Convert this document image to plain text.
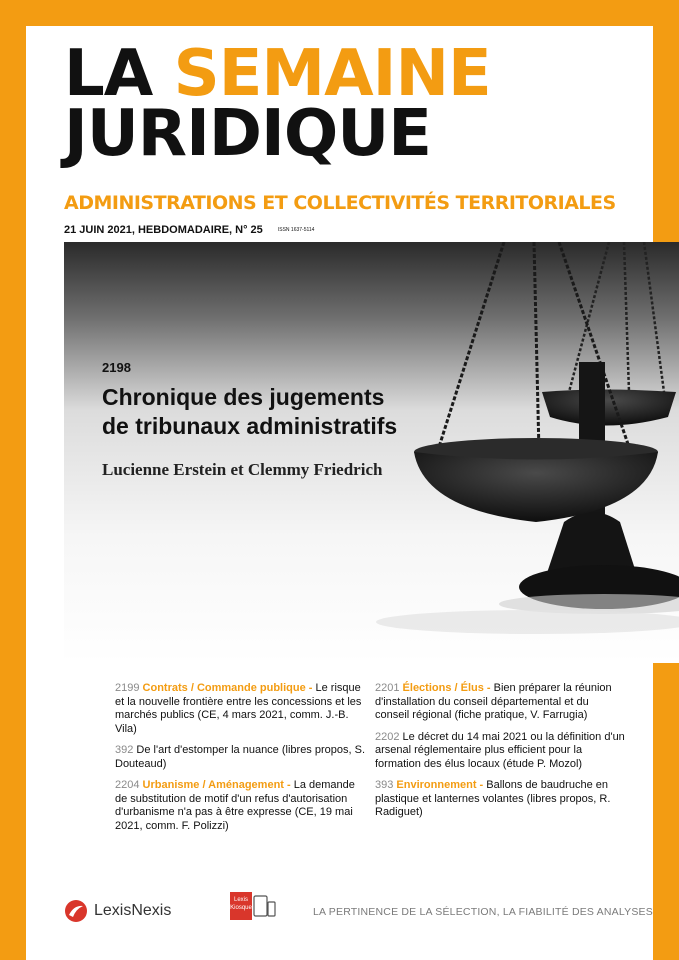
LA SEMAINE
JURIDIQUE
ADMINISTRATIONS ET COLLECTIVITÉS TERRITORIALES
21 JUIN 2021, HEBDOMADAIRE, N° 25	ISSN 1637-5114
2198
Chronique des jugements
de tribunaux administratifs
Lucienne Erstein et Clemmy Friedrich
2199 Contrats / Commande publique - Le risque et la nouvelle frontière entre les concessions et les marchés publics (CE, 4 mars 2021, comm. J.-B. Vila)
392 De l'art d'estomper la nuance (libres propos, S. Douteaud)
2204 Urbanisme / Aménagement - La demande de substitution de motif d'un refus d'autorisation d'urbanisme n'a pas à être expresse (CE, 19 mai 2021, comm. F. Polizzi)
2201 Élections / Élus - Bien préparer la réunion d'installation du conseil départemental et du conseil régional (fiche pratique, V. Farrugia)
2202 Le décret du 14 mai 2021 ou la définition d'un arsenal réglementaire plus efficient pour la formation des élus locaux (étude P. Mozol)
393 Environnement - Ballons de baudruche en plastique et lanternes volantes (libres propos, R. Radiguet)
LexisNexis
Lexis
Kiosque	LA PERTINENCE DE LA SÉLECTION, LA FIABILITÉ DES ANALYSES
